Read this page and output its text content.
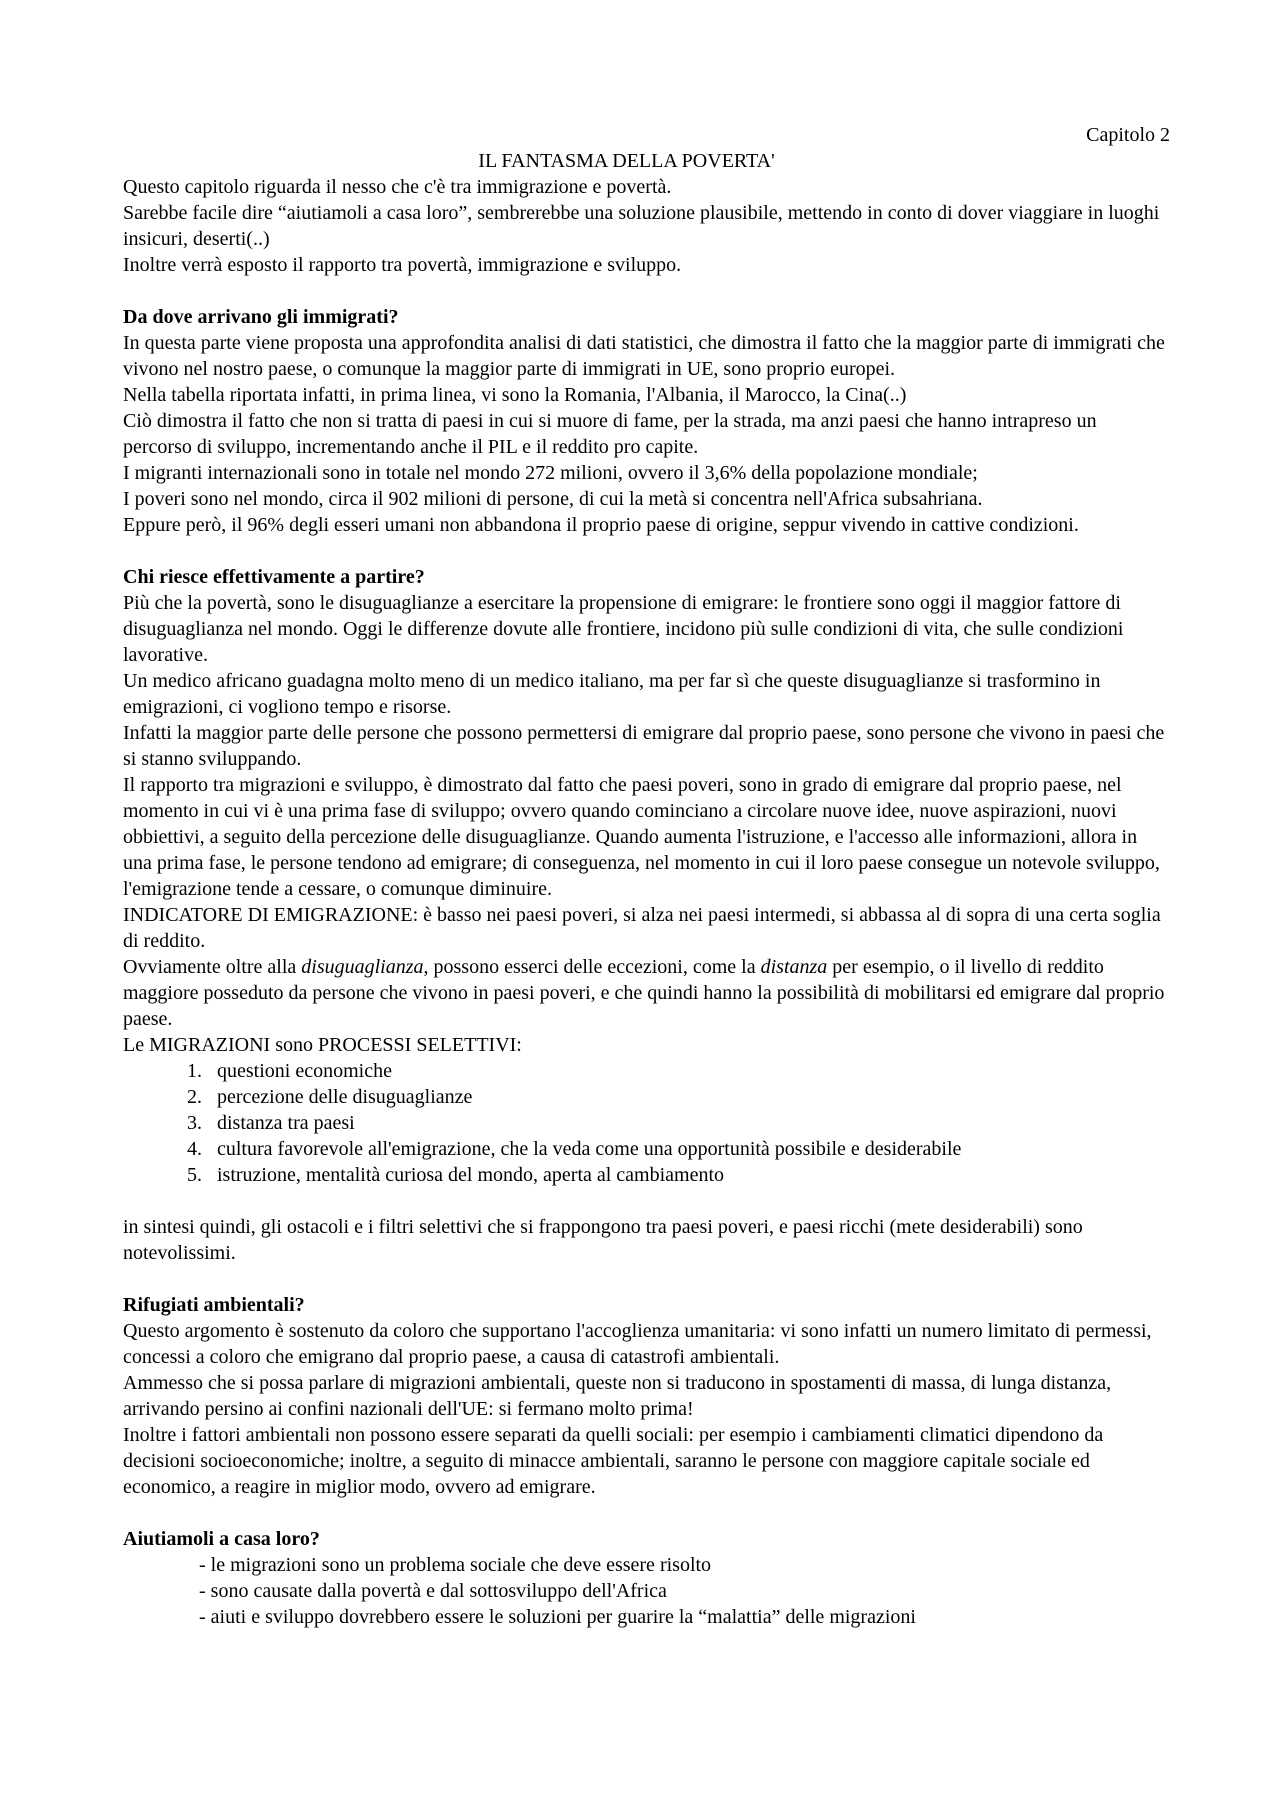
Capitolo 2

IL FANTASMA DELLA POVERTA'

Questo capitolo riguarda il nesso che c'è tra immigrazione e povertà.

Sarebbe facile dire “aiutiamoli a casa loro”, sembrerebbe una soluzione plausibile, mettendo in conto di dover viaggiare in luoghi insicuri, deserti(..)

Inoltre verrà esposto il rapporto tra povertà, immigrazione e sviluppo.

Da dove arrivano gli immigrati?

In questa parte viene proposta una approfondita analisi di dati statistici, che dimostra il fatto che la maggior parte di immigrati che vivono nel nostro paese, o comunque la maggior parte di immigrati in UE, sono proprio europei.

Nella tabella riportata infatti, in prima linea, vi sono la Romania, l'Albania, il Marocco, la Cina(..)

Ciò dimostra il fatto che non si tratta di paesi in cui si muore di fame, per la strada, ma anzi paesi che hanno intrapreso un percorso di sviluppo, incrementando anche il PIL e il reddito pro capite.

I migranti internazionali sono in totale nel mondo 272 milioni, ovvero il 3,6% della popolazione mondiale;

I poveri sono nel mondo, circa il 902 milioni di persone, di cui la metà si concentra nell'Africa subsahriana.

Eppure però, il 96% degli esseri umani non abbandona il proprio paese di origine, seppur vivendo in cattive condizioni.

Chi riesce effettivamente a partire?

Più che la povertà, sono le disuguaglianze a esercitare la propensione di emigrare: le frontiere sono oggi il maggior fattore di disuguaglianza nel mondo. Oggi le differenze dovute alle frontiere, incidono più sulle condizioni di vita, che sulle condizioni lavorative.

Un medico africano guadagna molto meno di un medico italiano, ma per far sì che queste disuguaglianze si trasformino in emigrazioni, ci vogliono tempo e risorse.

Infatti la maggior parte delle persone che possono permettersi di emigrare dal proprio paese, sono persone che vivono in paesi che si stanno sviluppando.

Il rapporto tra migrazioni e sviluppo, è dimostrato dal fatto che paesi poveri, sono in grado di emigrare dal proprio paese, nel momento in cui vi è una prima fase di sviluppo; ovvero quando cominciano a circolare nuove idee, nuove aspirazioni, nuovi obbiettivi, a seguito della percezione delle disuguaglianze. Quando aumenta l'istruzione, e l'accesso alle informazioni, allora in una prima fase, le persone tendono ad emigrare; di conseguenza, nel momento in cui il loro paese consegue un notevole sviluppo, l'emigrazione tende a cessare, o comunque diminuire.

INDICATORE DI EMIGRAZIONE: è basso nei paesi poveri, si alza nei paesi intermedi, si abbassa al di sopra di una certa soglia di reddito.

Ovviamente oltre alla disuguaglianza, possono esserci delle eccezioni, come la distanza per esempio, o il livello di reddito maggiore posseduto da persone che vivono in paesi poveri, e che quindi hanno la possibilità di mobilitarsi ed emigrare dal proprio paese.

Le MIGRAZIONI sono PROCESSI SELETTIVI:

1. questioni economiche
2. percezione delle disuguaglianze
3. distanza tra paesi
4. cultura favorevole all'emigrazione, che la veda come una opportunità possibile e desiderabile
5. istruzione, mentalità curiosa del mondo, aperta al cambiamento

in sintesi quindi, gli ostacoli e i filtri selettivi che si frappongono tra paesi poveri, e paesi ricchi (mete desiderabili) sono notevolissimi.

Rifugiati ambientali?

Questo argomento è sostenuto da coloro che supportano l'accoglienza umanitaria: vi sono infatti un numero limitato di permessi, concessi a coloro che emigrano dal proprio paese, a causa di catastrofi ambientali.

Ammesso che si possa parlare di migrazioni ambientali, queste non si traducono in spostamenti di massa, di lunga distanza, arrivando persino ai confini nazionali dell'UE: si fermano molto prima!

Inoltre i fattori ambientali non possono essere separati da quelli sociali: per esempio i cambiamenti climatici dipendono da decisioni socioeconomiche; inoltre, a seguito di minacce ambientali, saranno le persone con maggiore capitale sociale ed economico, a reagire in miglior modo, ovvero ad emigrare.

Aiutiamoli a casa loro?

- le migrazioni sono un problema sociale che deve essere risolto
- sono causate dalla povertà e dal sottosviluppo dell'Africa
- aiuti e sviluppo dovrebbero essere le soluzioni per guarire la “malattia” delle migrazioni
